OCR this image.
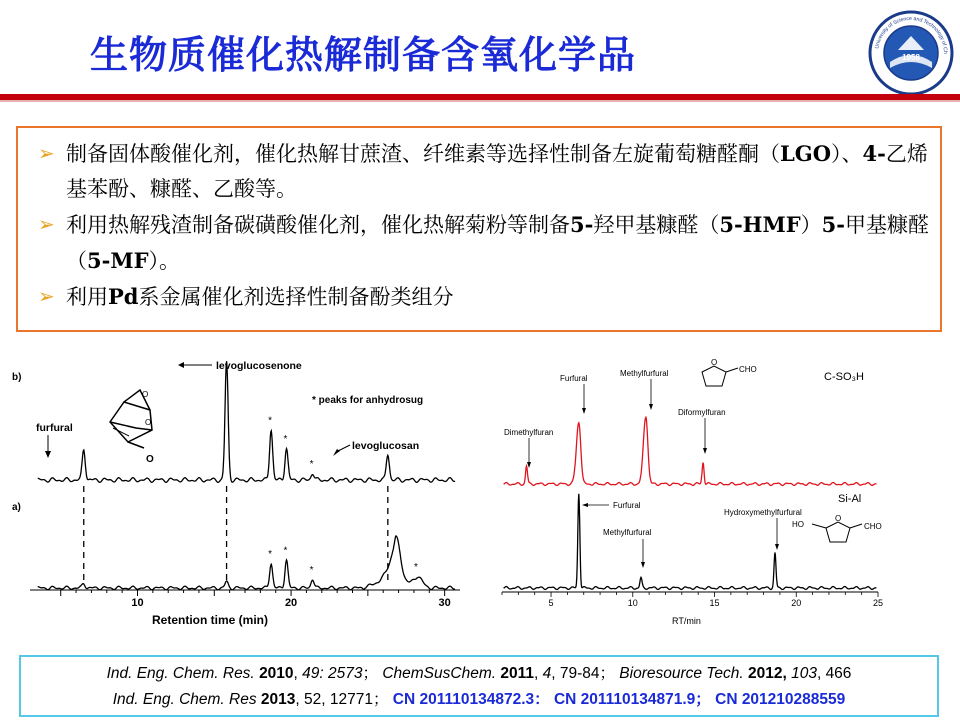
生物质催化热解制备含氧化学品	1958
University of Science and Technology of Ch
➢ 制备固体酸催化剂，催化热解甘蔗渣、纤维素等选择性制备左旋葡萄糖醛酮（LGO）、4-乙烯基苯酚、糠醛、乙酸等。
➢ 利用热解残渣制备碳磺酸催化剂，催化热解菊粉等制备5-羟甲基糠醛（5-HMF）5-甲基糠醛（5-MF）。
➢ 利用Pd系金属催化剂选择性制备酚类组分
10	20	30
b)
a)
furfural
levoglucosenone
levoglucosan
* peaks for anhydrosug
*
*
*
* *
*	*
O
O
O
Retention time (min)
5	10	15	20	25
C-SO₃H
Si-Al
Dimethylfuran
Furfural
Methylfurfural
Diformylfuran
Furfural
Methylfurfural
Hydroxymethylfurfural
O
CHO
O
HO	CHO
RT/min
Ind. Eng. Chem. Res. 2010, 49: 2573； ChemSusChem. 2011, 4, 79-84； Bioresource Tech. 2012, 103, 466
Ind. Eng. Chem. Res 2013, 52, 12771； CN 201110134872.3： CN 201110134871.9； CN 201210288559
